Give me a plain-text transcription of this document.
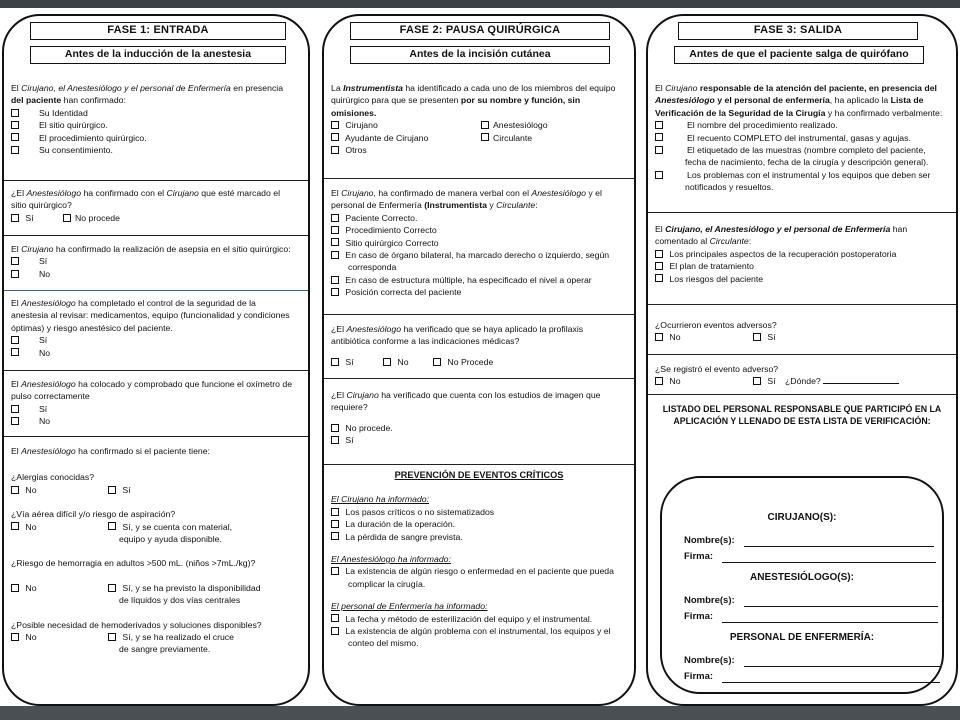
FASE 1: ENTRADA
Antes de la inducción de la anestesia
El Cirujano, el Anestesiólogo y el personal de Enfermería en presencia
del paciente han confirmado:
Su Identidad
El sitio quirúrgico.
El procedimiento quirúrgico.
Su consentimiento.
¿El Anestesiólogo ha confirmado con el Cirujano que esté marcado el
sitio quirúrgico?
Sí	No procede
El Cirujano ha confirmado la realización de asepsia en el sitio quirúrgico:
Sí
No
El Anestesiólogo ha completado el control de la seguridad de la
anestesia al revisar: medicamentos, equipo (funcionalidad y condiciones
óptimas) y riesgo anestésico del paciente.
Sí
No
El Anestesiólogo ha colocado y comprobado que funcione el oxímetro de
pulso correctamente
Sí
No
El Anestesiólogo ha confirmado si el paciente tiene:
¿Alergias conocidas?
No	Sí
¿Vía aérea difícil y/o riesgo de aspiración?
No	Sí, y se cuenta con material,
equipo y ayuda disponible.
¿Riesgo de hemorragia en adultos >500 mL. (niños >7mL./kg)?
No	Sí, y se ha previsto la disponibilidad
de líquidos y dos vías centrales
¿Posible necesidad de hemoderivados y soluciones disponibles?
No	Sí, y se ha realizado el cruce
de sangre previamente.
FASE 2: PAUSA QUIRÚRGICA
Antes de la incisión cutánea
La Instrumentista ha identificado a cada uno de los miembros del equipo
quirúrgico para que se presenten por su nombre y función, sin
omisiones.
Cirujano	Anestesiólogo
Ayudante de Cirujano	Circulante
Otros
El Cirujano, ha confirmado de manera verbal con el Anestesiólogo y el
personal de Enfermería (Instrumentista y Circulante:
Paciente Correcto.
Procedimiento Correcto
Sitio quirúrgico Correcto
En caso de órgano bilateral, ha marcado derecho o izquierdo, según
corresponda
En caso de estructura múltiple, ha especificado el nivel a operar
Posición correcta del paciente
¿El Anestesiólogo ha verificado que se haya aplicado la profilaxis
antibiótica conforme a las indicaciones médicas?
Sí	No	No Procede
¿El Cirujano ha verificado que cuenta con los estudios de imagen que
requiere?
No procede.
Sí
PREVENCIÓN DE EVENTOS CRÍTICOS
El Cirujano ha informado:
Los pasos críticos o no sistematizados
La duración de la operación.
La pérdida de sangre prevista.
El Anestesiólogo ha informado:
La existencia de algún riesgo o enfermedad en el paciente que pueda
complicar la cirugía.
El personal de Enfermería ha informado:
La fecha y método de esterilización del equipo y el instrumental.
La existencia de algún problema con el instrumental, los equipos y el
conteo del mismo.
FASE 3: SALIDA
Antes de que el paciente salga de quirófano
El Cirujano responsable de la atención del paciente, en presencia del
Anestesiólogo y el personal de enfermería, ha aplicado la Lista de
Verificación de la Seguridad de la Cirugía y ha confirmado verbalmente:
El nombre del procedimiento realizado.
El recuento COMPLETO del instrumental, gasas y agujas.
El etiquetado de las muestras (nombre completo del paciente,
fecha de nacimiento, fecha de la cirugía y descripción general).
Los problemas con el instrumental y los equipos que deben ser
notificados y resueltos.
El Cirujano, el Anestesiólogo y el personal de Enfermería han
comentado al Circulante:
Los principales aspectos de la recuperación postoperatoria
El plan de tratamiento
Los riesgos del paciente
¿Ocurrieron eventos adversos?
No	Sí
¿Se registró el evento adverso?
No	Sí ¿Dónde?
LISTADO DEL PERSONAL RESPONSABLE QUE PARTICIPÓ EN LA
APLICACIÓN Y LLENADO DE ESTA LISTA DE VERIFICACIÓN:
CIRUJANO(S):
Nombre(s):
Firma:
ANESTESIÓLOGO(S):
Nombre(s):
Firma:
PERSONAL DE ENFERMERÍA:
Nombre(s):
Firma:
